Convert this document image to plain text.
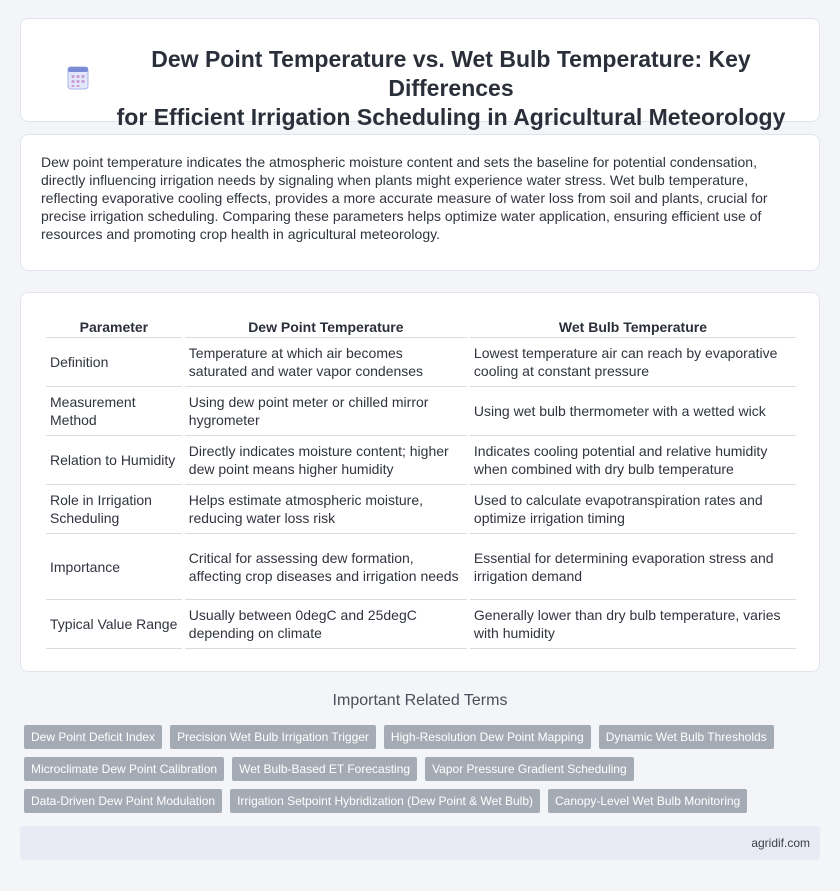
Dew Point Temperature vs. Wet Bulb Temperature: Key Differences
for Efficient Irrigation Scheduling in Agricultural Meteorology

Dew point temperature indicates the atmospheric moisture content and sets the baseline for potential condensation, directly influencing irrigation needs by signaling when plants might experience water stress. Wet bulb temperature, reflecting evaporative cooling effects, provides a more accurate measure of water loss from soil and plants, crucial for precise irrigation scheduling. Comparing these parameters helps optimize water application, ensuring efficient use of resources and promoting crop health in agricultural meteorology.

Parameter	Dew Point Temperature	Wet Bulb Temperature
Definition	Temperature at which air becomes saturated and water vapor condenses	Lowest temperature air can reach by evaporative cooling at constant pressure
Measurement Method	Using dew point meter or chilled mirror hygrometer	Using wet bulb thermometer with a wetted wick
Relation to Humidity	Directly indicates moisture content; higher dew point means higher humidity	Indicates cooling potential and relative humidity when combined with dry bulb temperature
Role in Irrigation Scheduling	Helps estimate atmospheric moisture, reducing water loss risk	Used to calculate evapotranspiration rates and optimize irrigation timing
Importance	Critical for assessing dew formation, affecting crop diseases and irrigation needs	Essential for determining evaporation stress and irrigation demand
Typical Value Range	Usually between 0degC and 25degC depending on climate	Generally lower than dry bulb temperature, varies with humidity
Important Related Terms
Dew Point Deficit Index	Precision Wet Bulb Irrigation Trigger	High-Resolution Dew Point Mapping	Dynamic Wet Bulb Thresholds
Microclimate Dew Point Calibration	Wet Bulb-Based ET Forecasting	Vapor Pressure Gradient Scheduling
Data-Driven Dew Point Modulation	Irrigation Setpoint Hybridization (Dew Point & Wet Bulb)	Canopy-Level Wet Bulb Monitoring
agridif.com
